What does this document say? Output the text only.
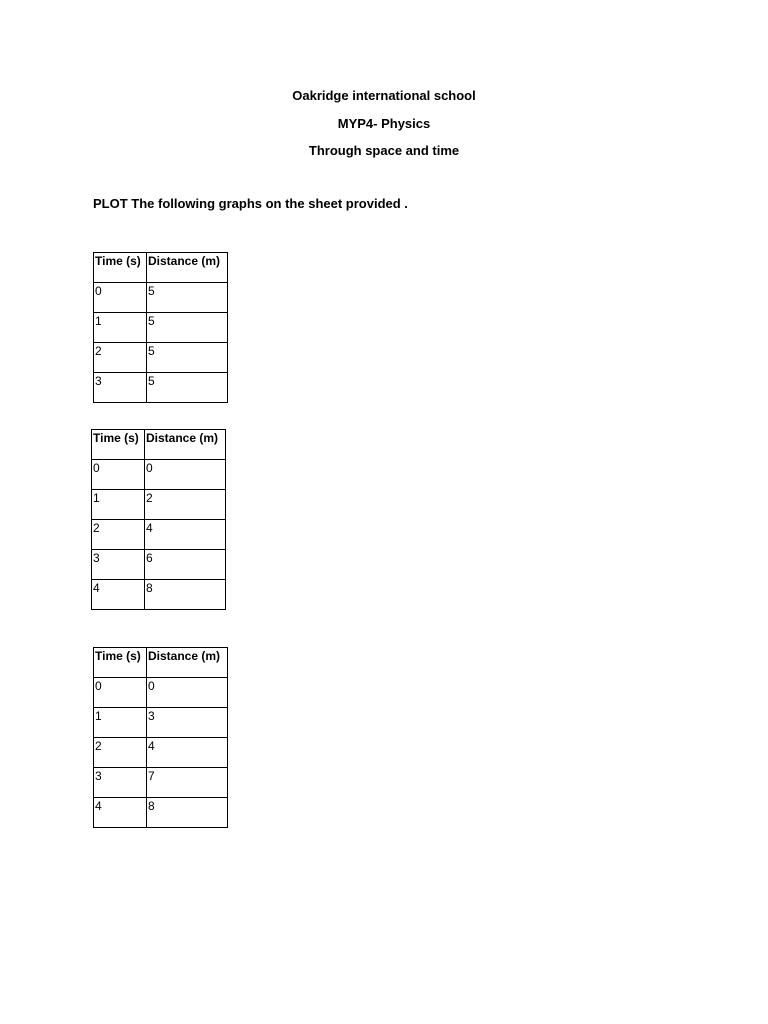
Oakridge international school
MYP4- Physics
Through space and time
PLOT The following graphs on the sheet provided .
Time (s)	Distance (m)
0	5
1	5
2	5
3	5
Time (s)	Distance (m)
0	0
1	2
2	4
3	6
4	8
Time (s)	Distance (m)
0	0
1	3
2	4
3	7
4	8
